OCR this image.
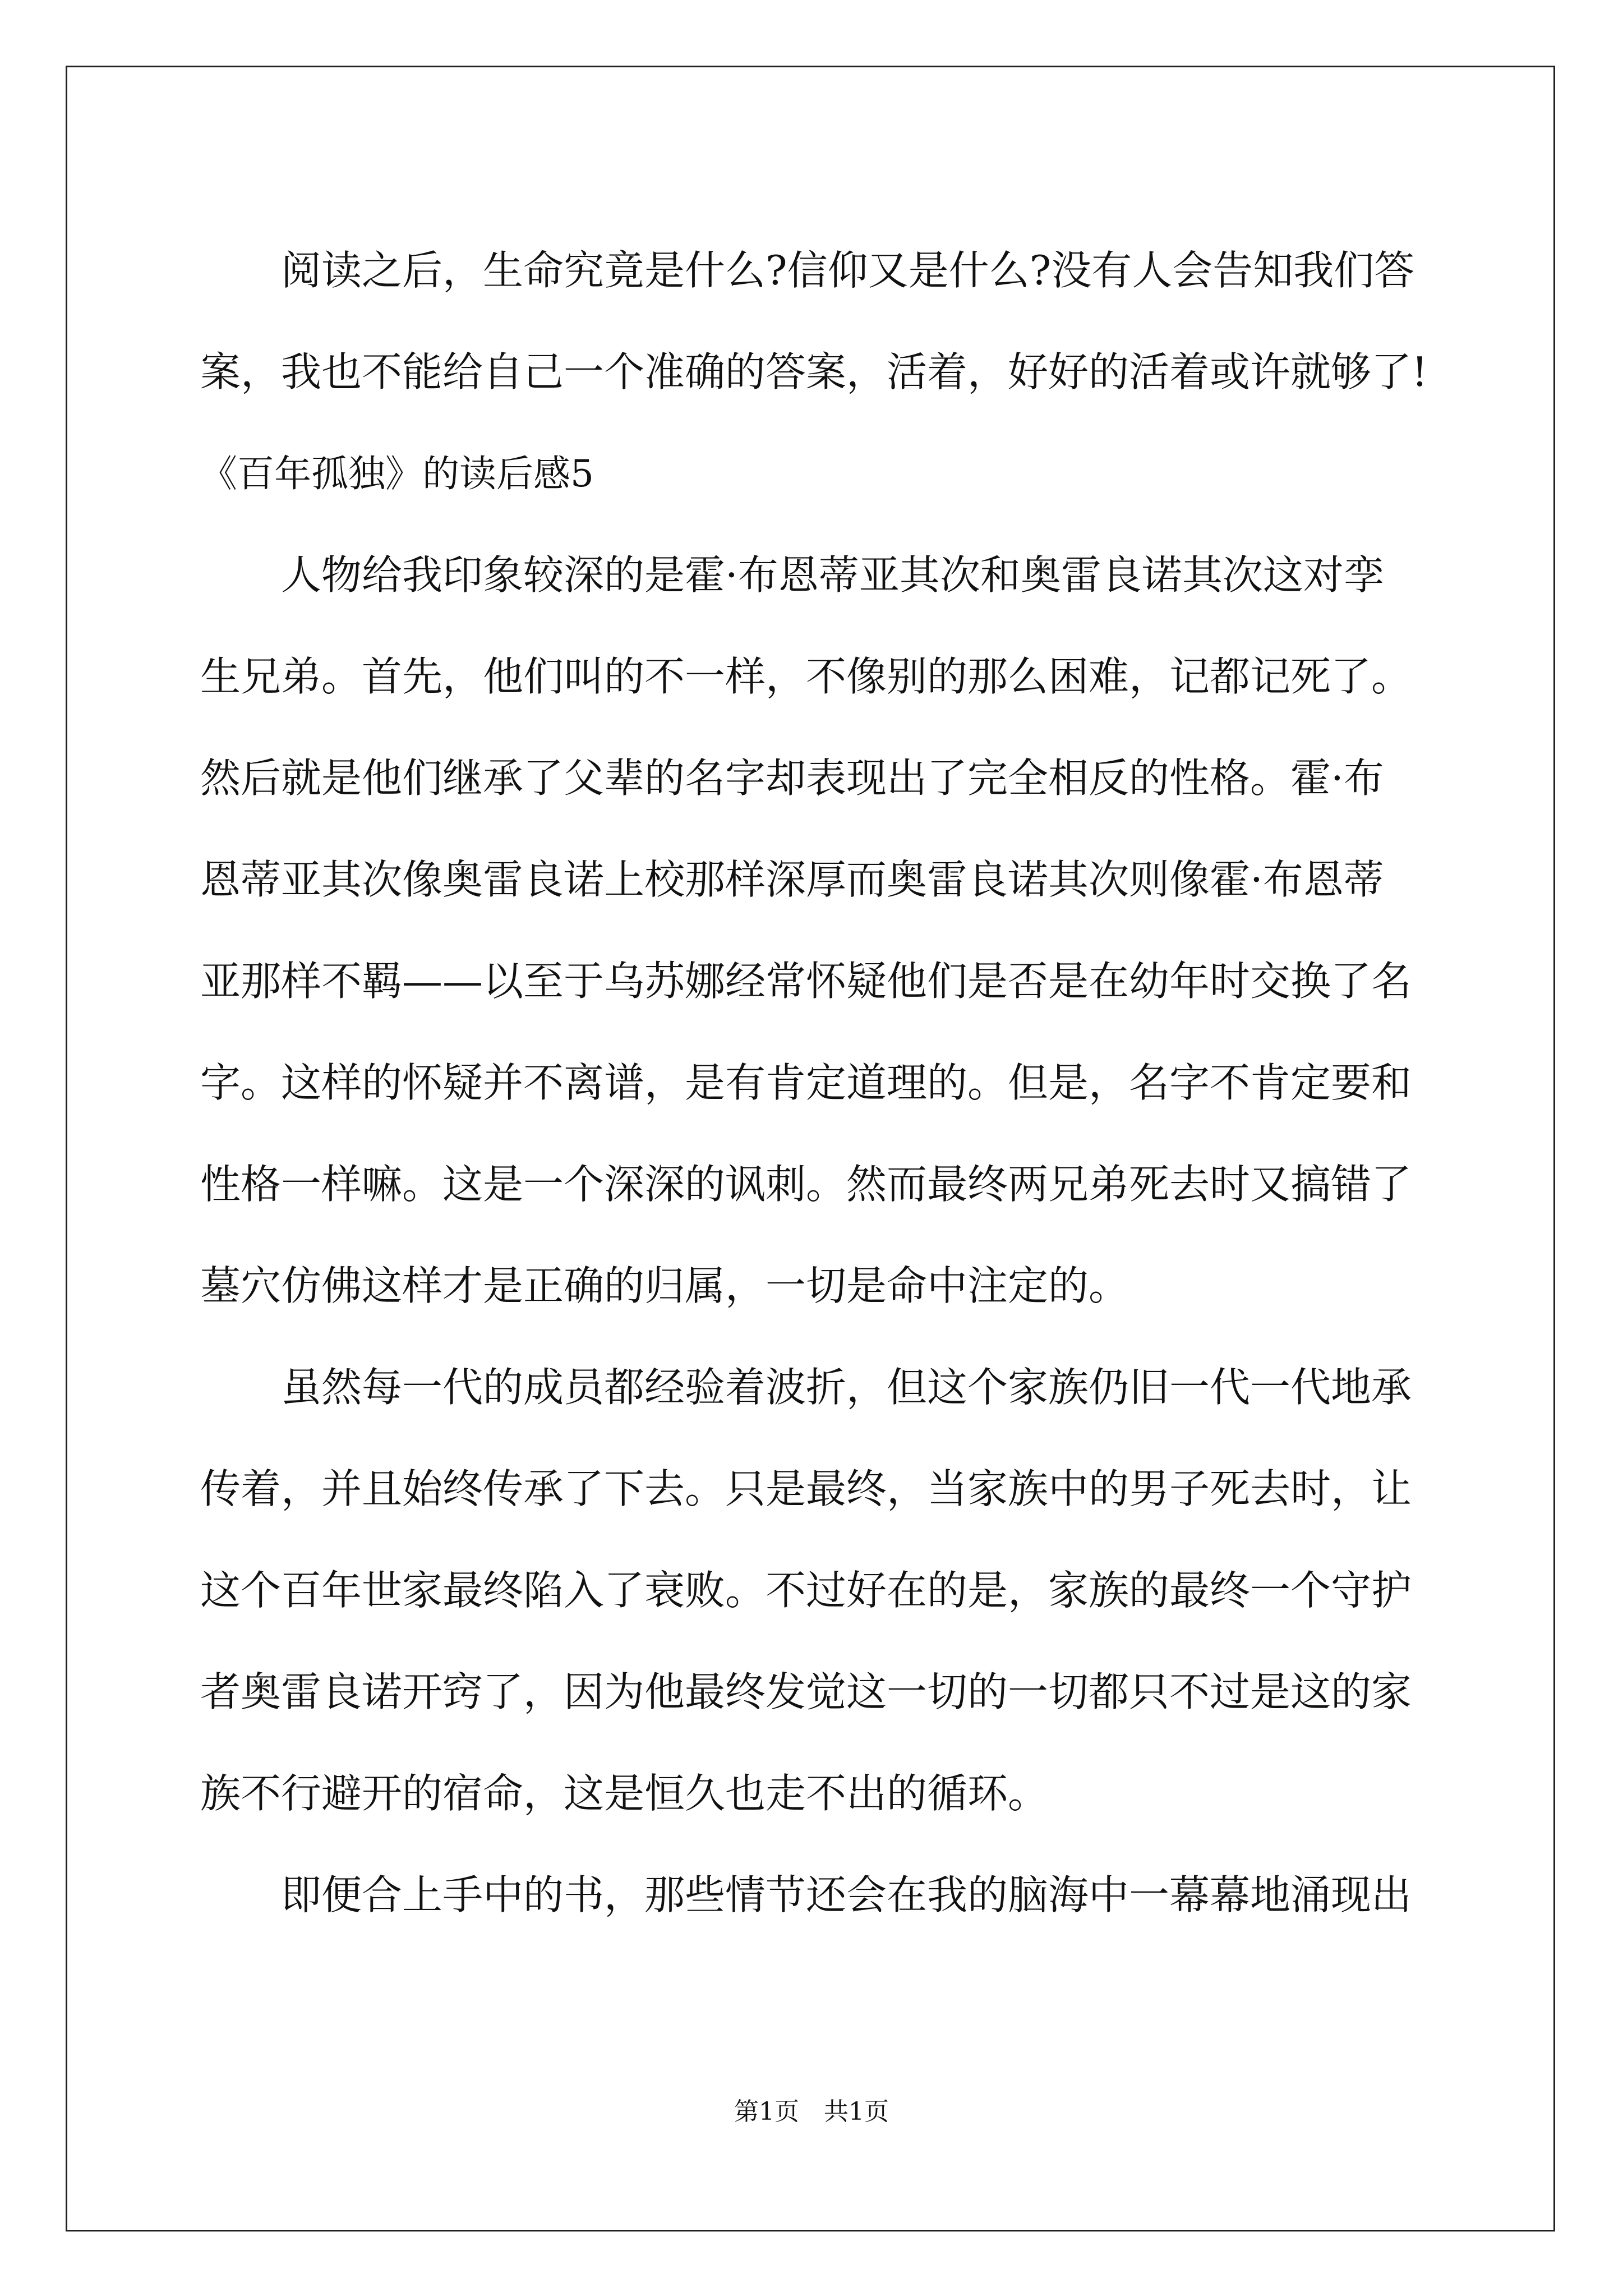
阅读之后，生命究竟是什么?信仰又是什么?没有人会告知我们答
案，我也不能给自己一个准确的答案，活着，好好的活着或许就够了!
《百年孤独》的读后感5
人物给我印象较深的是霍·布恩蒂亚其次和奥雷良诺其次这对孪
生兄弟。首先，他们叫的不一样，不像别的那么困难，记都记死了。
然后就是他们继承了父辈的名字却表现出了完全相反的性格。霍·布
恩蒂亚其次像奥雷良诺上校那样深厚而奥雷良诺其次则像霍·布恩蒂
亚那样不羁——以至于乌苏娜经常怀疑他们是否是在幼年时交换了名
字。这样的怀疑并不离谱，是有肯定道理的。但是，名字不肯定要和
性格一样嘛。这是一个深深的讽刺。然而最终两兄弟死去时又搞错了
墓穴仿佛这样才是正确的归属，一切是命中注定的。
虽然每一代的成员都经验着波折，但这个家族仍旧一代一代地承
传着，并且始终传承了下去。只是最终，当家族中的男子死去时，让
这个百年世家最终陷入了衰败。不过好在的是，家族的最终一个守护
者奥雷良诺开窍了，因为他最终发觉这一切的一切都只不过是这的家
族不行避开的宿命，这是恒久也走不出的循环。
即便合上手中的书，那些情节还会在我的脑海中一幕幕地涌现出
第1页 共1页
